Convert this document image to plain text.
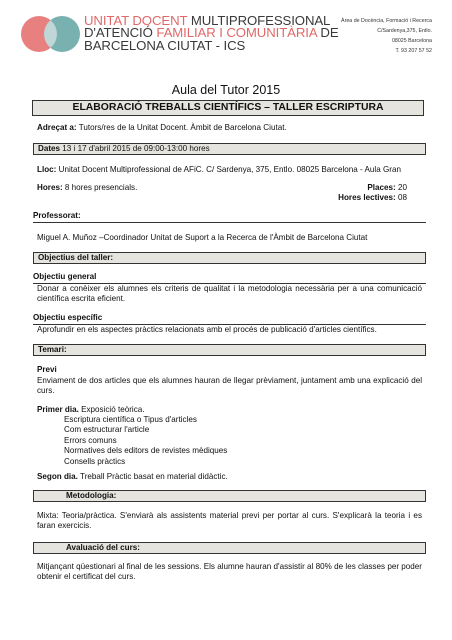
UNITAT DOCENT MULTIPROFESSIONAL
D'ATENCIÓ FAMILIAR I COMUNITÀRIA DE
BARCELONA CIUTAT - ICS
Àrea de Docència, Formació i Recerca
C/Sardenya,375, Entlo.
08025 Barcelona
T. 93 207 57 52
Aula del Tutor 2015
ELABORACIÓ TREBALLS CIENTÍFICS – TALLER ESCRIPTURA
Adreçat a: Tutors/res de la Unitat Docent. Àmbit de Barcelona Ciutat.
Dates 13 i 17 d'abril 2015 de 09:00-13:00 hores
Lloc: Unitat Docent Multiprofessional de AFiC. C/ Sardenya, 375, Entlo. 08025 Barcelona - Aula Gran
Hores: 8 hores presencials.	Places: 20
Hores lectives: 08
Professorat:
Miguel A. Muñoz –Coordinador Unitat de Suport a la Recerca de l'Àmbit de Barcelona Ciutat
Objectius del taller:
Objectiu general
Donar a conèixer els alumnes els criteris de qualitat i la metodologia necessària per a una comunicació científica escrita eficient.
Objectiu específic
Aprofundir en els aspectes pràctics relacionats amb el procés de publicació d'articles científics.
Temari:
Previ
Enviament de dos articles que els alumnes hauran de llegar prèviament, juntament amb una explicació del curs.
Primer dia. Exposició teòrica.
Escriptura científica o Tipus d'articles
Com estructurar l'article
Errors comuns
Normatives dels editors de revistes mèdiques
Consells pràctics
Segon dia. Treball Pràctic basat en material didàctic.
Metodologia:
Mixta: Teoria/pràctica. S'enviarà als assistents material previ per portar al curs. S'explicarà la teoria i es faran exercicis.
Avaluació del curs:
Mitjançant qüestionari al final de les sessions. Els alumne hauran d'assistir al 80% de les classes per poder obtenir el certificat del curs.
